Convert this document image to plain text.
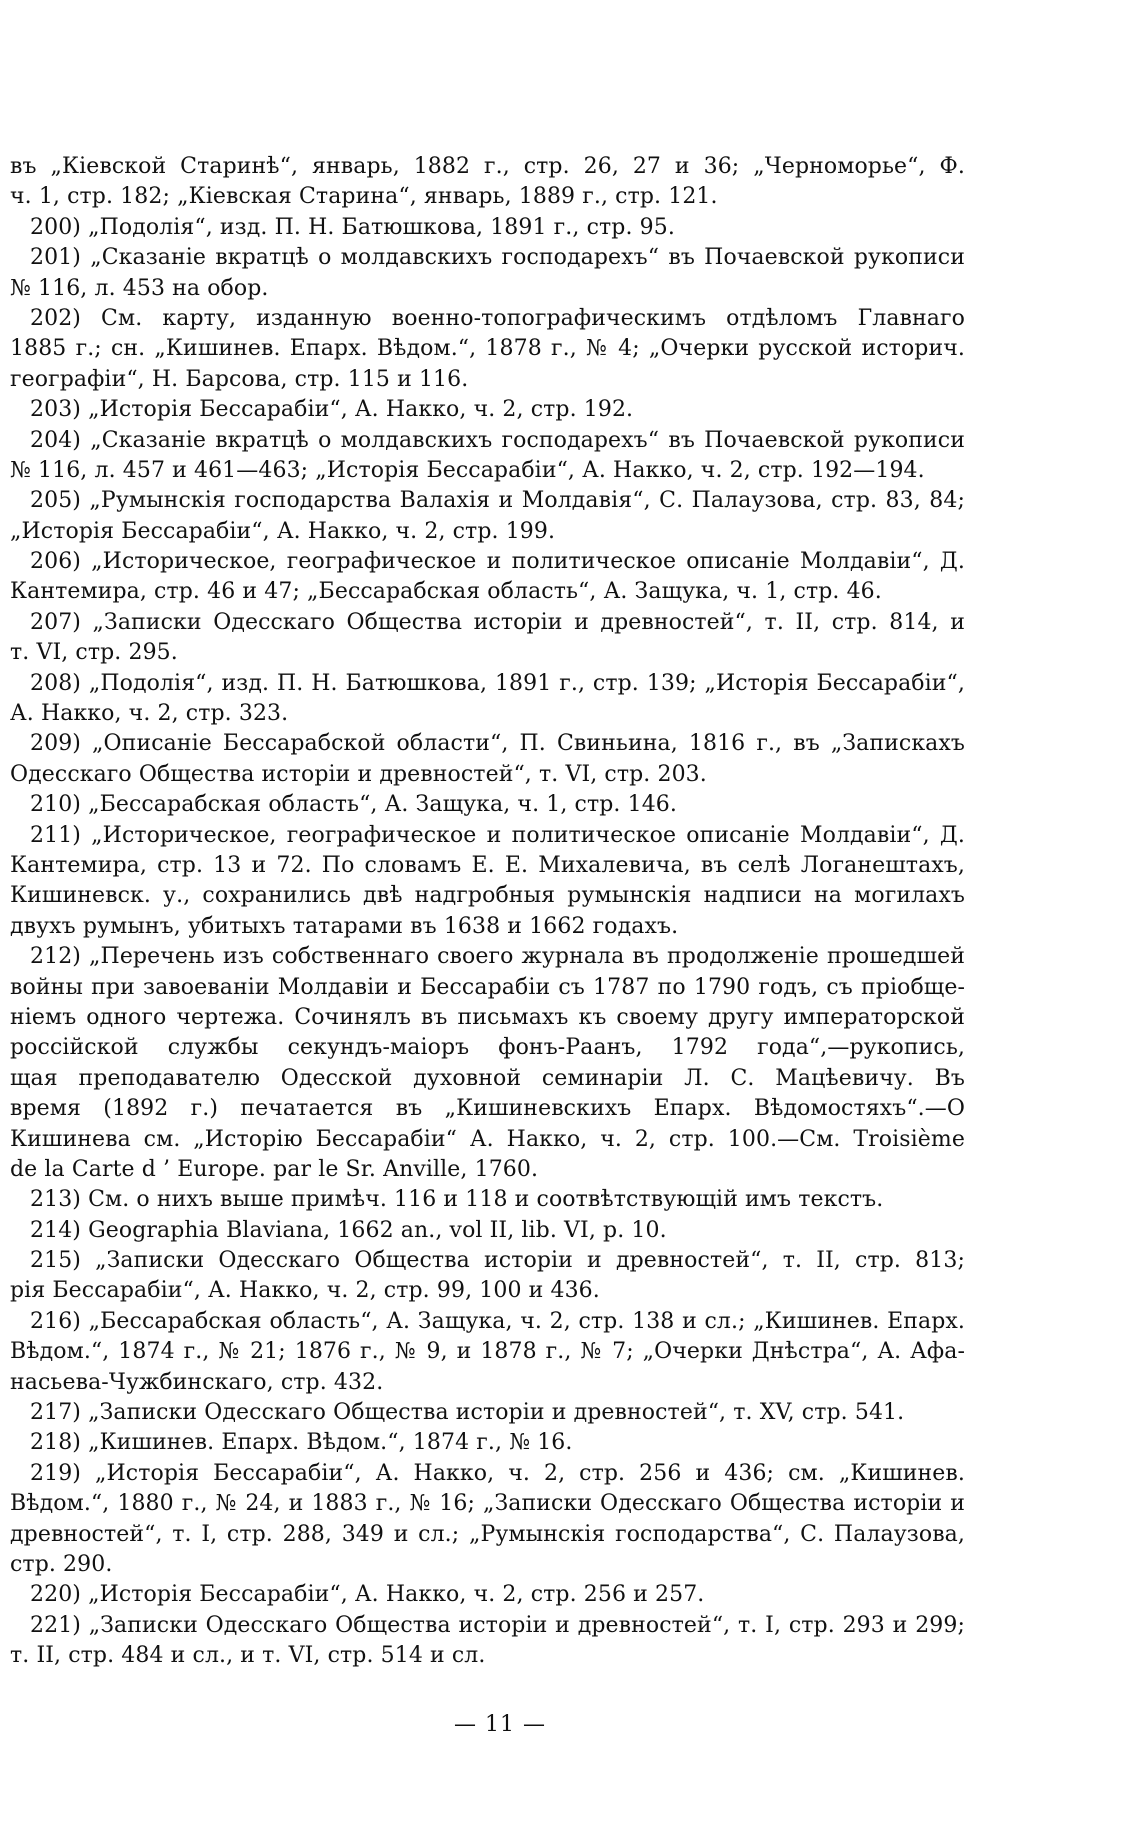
въ „Кіевской Старинѣ“, январь, 1882 г., стр. 26, 27 и 36; „Черноморье“, Ф.
ч. 1, стр. 182; „Кіевская Старина“, январь, 1889 г., стр. 121.
200) „Подолія“, изд. П. Н. Батюшкова, 1891 г., стр. 95.
201) „Сказаніе вкратцѣ о молдавскихъ господарехъ“ въ Почаевской рукописи
№ 116, л. 453 на обор.
202) См. карту, изданную военно-топографическимъ отдѣломъ Главнаго
1885 г.; сн. „Кишинев. Епарх. Вѣдом.“, 1878 г., № 4; „Очерки русской историч.
географіи“, Н. Барсова, стр. 115 и 116.
203) „Исторія Бессарабіи“, А. Накко, ч. 2, стр. 192.
204) „Сказаніе вкратцѣ о молдавскихъ господарехъ“ въ Почаевской рукописи
№ 116, л. 457 и 461—463; „Исторія Бессарабіи“, А. Накко, ч. 2, стр. 192—194.
205) „Румынскія господарства Валахія и Молдавія“, С. Палаузова, стр. 83, 84;
„Исторія Бессарабіи“, А. Накко, ч. 2, стр. 199.
206) „Историческое, географическое и политическое описаніе Молдавіи“, Д.
Кантемира, стр. 46 и 47; „Бессарабская область“, А. Защука, ч. 1, стр. 46.
207) „Записки Одесскаго Общества исторіи и древностей“, т. II, стр. 814, и
т. VI, стр. 295.
208) „Подолія“, изд. П. Н. Батюшкова, 1891 г., стр. 139; „Исторія Бессарабіи“,
А. Накко, ч. 2, стр. 323.
209) „Описаніе Бессарабской области“, П. Свиньина, 1816 г., въ „Запискахъ
Одесскаго Общества исторіи и древностей“, т. VI, стр. 203.
210) „Бессарабская область“, А. Защука, ч. 1, стр. 146.
211) „Историческое, географическое и политическое описаніе Молдавіи“, Д.
Кантемира, стр. 13 и 72. По словамъ Е. Е. Михалевича, въ селѣ Логанештахъ,
Кишиневск. у., сохранились двѣ надгробныя румынскія надписи на могилахъ
двухъ румынъ, убитыхъ татарами въ 1638 и 1662 годахъ.
212) „Перечень изъ собственнаго своего журнала въ продолженіе прошедшей
войны при завоеваніи Молдавіи и Бессарабіи съ 1787 по 1790 годъ, съ пріобще-
ніемъ одного чертежа. Сочинялъ въ письмахъ къ своему другу императорской
россійской службы секундъ-маіоръ фонъ-Раанъ, 1792 года“,—рукопись,
щая преподавателю Одесской духовной семинаріи Л. С. Мацѣевичу. Въ
время (1892 г.) печатается въ „Кишиневскихъ Епарх. Вѣдомостяхъ“.—О
Кишинева см. „Исторію Бессарабіи“ А. Накко, ч. 2, стр. 100.—См. Troisième
de la Carte d ’ Europe. par le Sr. Anville, 1760.
213) См. о нихъ выше примѣч. 116 и 118 и соотвѣтствующій имъ текстъ.
214) Geographia Blaviana, 1662 an., vol II, lib. VI, p. 10.
215) „Записки Одесскаго Общества исторіи и древностей“, т. II, стр. 813;
рія Бессарабіи“, А. Накко, ч. 2, стр. 99, 100 и 436.
216) „Бессарабская область“, А. Защука, ч. 2, стр. 138 и сл.; „Кишинев. Епарх.
Вѣдом.“, 1874 г., № 21; 1876 г., № 9, и 1878 г., № 7; „Очерки Днѣстра“, А. Афа-
насьева-Чужбинскаго, стр. 432.
217) „Записки Одесскаго Общества исторіи и древностей“, т. XV, стр. 541.
218) „Кишинев. Епарх. Вѣдом.“, 1874 г., № 16.
219) „Исторія Бессарабіи“, А. Накко, ч. 2, стр. 256 и 436; см. „Кишинев.
Вѣдом.“, 1880 г., № 24, и 1883 г., № 16; „Записки Одесскаго Общества исторіи и
древностей“, т. I, стр. 288, 349 и сл.; „Румынскія господарства“, С. Палаузова,
стр. 290.
220) „Исторія Бессарабіи“, А. Накко, ч. 2, стр. 256 и 257.
221) „Записки Одесскаго Общества исторіи и древностей“, т. I, стр. 293 и 299;
т. II, стр. 484 и сл., и т. VI, стр. 514 и сл.
— 11 —
